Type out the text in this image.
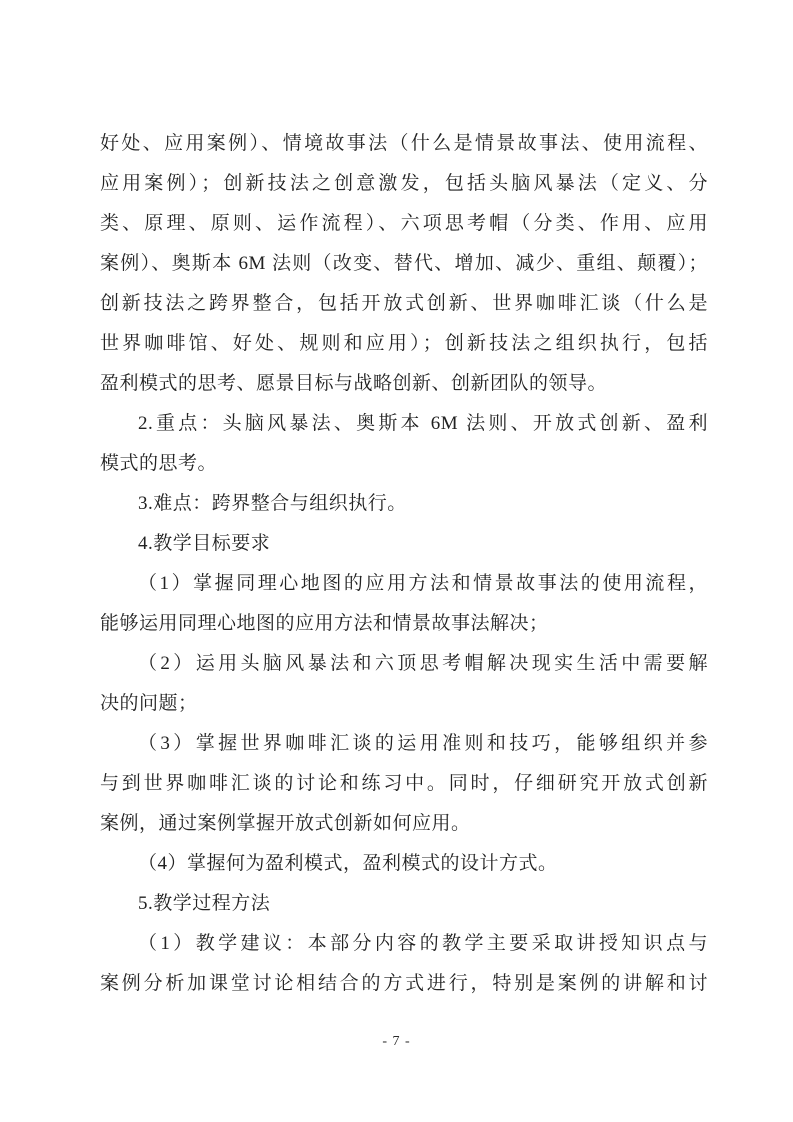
好处、应用案例）、情境故事法（什么是情景故事法、使用流程、
应用案例）；创新技法之创意激发，包括头脑风暴法（定义、分
类、原理、原则、运作流程）、六项思考帽（分类、作用、应用
案例）、奥斯本 6M 法则（改变、替代、增加、减少、重组、颠覆）；
创新技法之跨界整合，包括开放式创新、世界咖啡汇谈（什么是
世界咖啡馆、好处、规则和应用）；创新技法之组织执行，包括
盈利模式的思考、愿景目标与战略创新、创新团队的领导。
2.重点：头脑风暴法、奥斯本 6M 法则、开放式创新、盈利
模式的思考。
3.难点：跨界整合与组织执行。
4.教学目标要求
（1）掌握同理心地图的应用方法和情景故事法的使用流程，
能够运用同理心地图的应用方法和情景故事法解决；
（2）运用头脑风暴法和六顶思考帽解决现实生活中需要解
决的问题；
（3）掌握世界咖啡汇谈的运用准则和技巧，能够组织并参
与到世界咖啡汇谈的讨论和练习中。同时，仔细研究开放式创新
案例，通过案例掌握开放式创新如何应用。
（4）掌握何为盈利模式，盈利模式的设计方式。
5.教学过程方法
（1）教学建议：本部分内容的教学主要采取讲授知识点与
案例分析加课堂讨论相结合的方式进行，特别是案例的讲解和讨
- 7 -
